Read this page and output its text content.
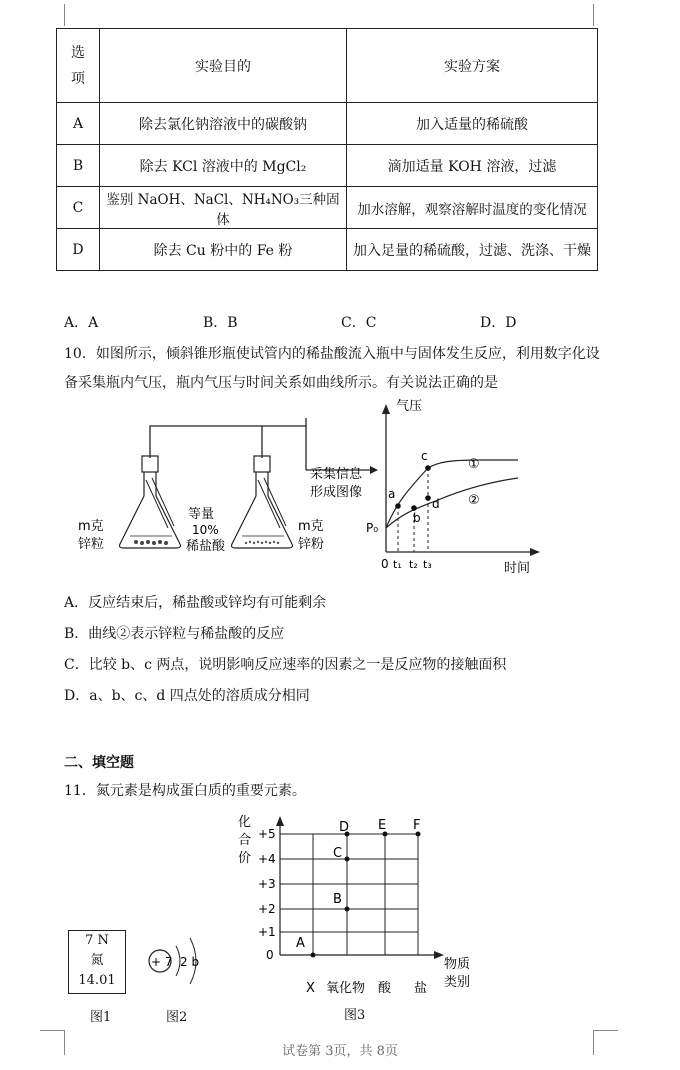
选
项	实验目的	实验方案
A	除去氯化钠溶液中的碳酸钠	加入适量的稀硫酸
B	除去 KCl 溶液中的 MgCl₂	滴加适量 KOH 溶液，过滤
C	鉴别 NaOH、NaCl、NH₄NO₃三种固体	加水溶解，观察溶解时温度的变化情况
D	除去 Cu 粉中的 Fe 粉	加入足量的稀硫酸，过滤、洗涤、干燥
A．A	B．B	C．C	D．D
10．如图所示，倾斜锥形瓶使试管内的稀盐酸流入瓶中与固体发生反应，利用数字化设
备采集瓶内气压，瓶内气压与时间关系如曲线所示。有关说法正确的是
m克
锌粒
等量
10%
稀盐酸
m克
锌粉
采集信息
形成图像
气压
时间
P₀
0 t₁ t₂ t₃
a
b
c
d
①
②
A．反应结束后，稀盐酸或锌均有可能剩余
B．曲线②表示锌粒与稀盐酸的反应
C．比较 b、c 两点，说明影响反应速率的因素之一是反应物的接触面积
D．a、b、c、d 四点处的溶质成分相同
二、填空题
11．氮元素是构成蛋白质的重要元素。
7 N
氮
14.01
图1
+ 7 2 b
图2
化
合
价
+5
+4
+3
+2
+1
0
X 氧化物 酸 盐
物质
类别
A
B
C
D E F
图3
试卷第 3页，共 8页
